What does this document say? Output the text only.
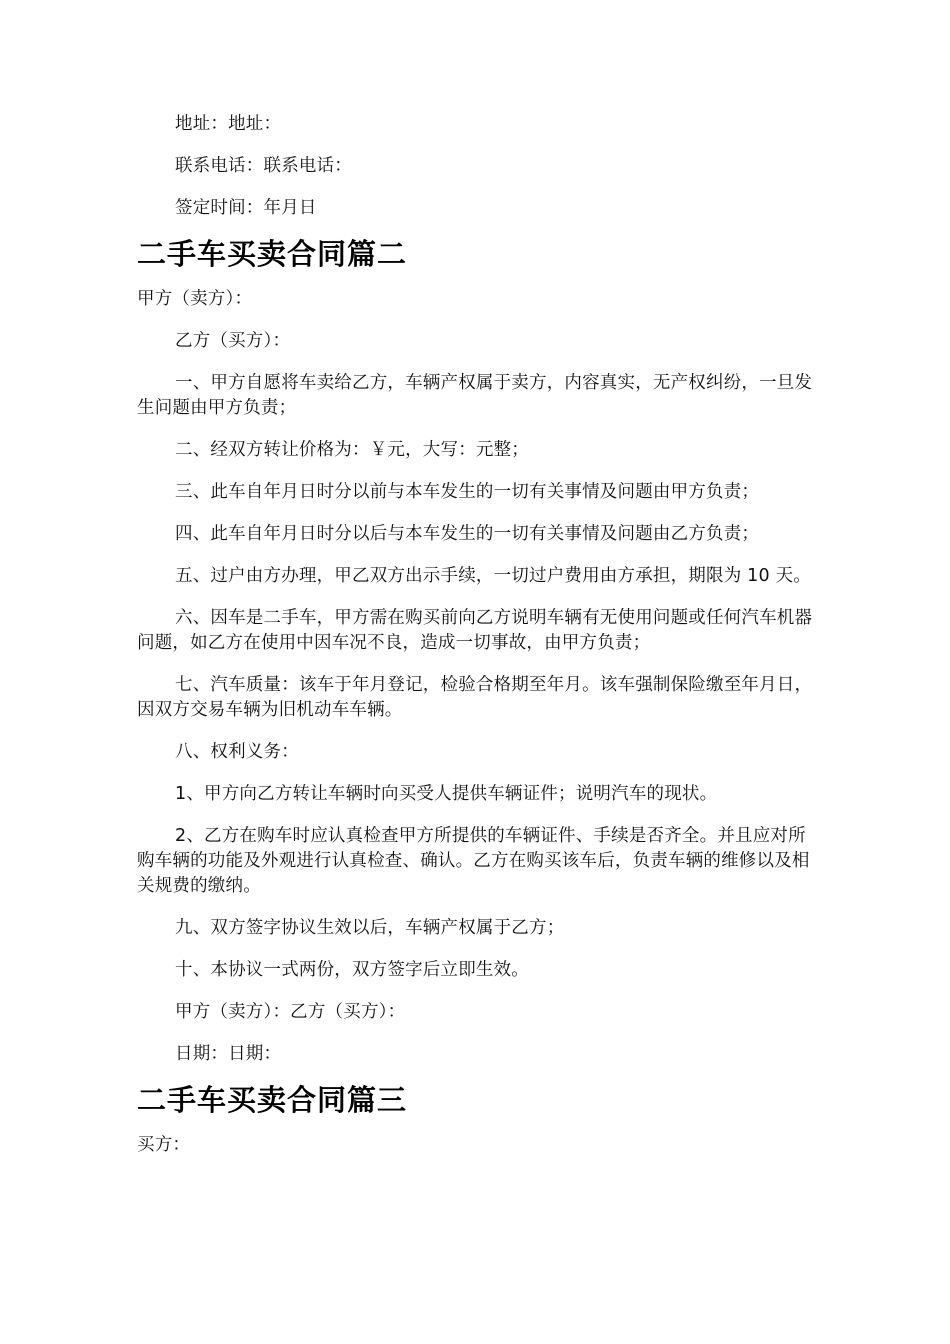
地址：地址：

联系电话：联系电话：

签定时间：年月日

二手车买卖合同篇二

甲方（卖方）：

乙方（买方）：

一、甲方自愿将车卖给乙方，车辆产权属于卖方，内容真实，无产权纠纷，一旦发生问题由甲方负责；

二、经双方转让价格为：￥元，大写：元整；

三、此车自年月日时分以前与本车发生的一切有关事情及问题由甲方负责；

四、此车自年月日时分以后与本车发生的一切有关事情及问题由乙方负责；

五、过户由方办理，甲乙双方出示手续，一切过户费用由方承担，期限为 10 天。

六、因车是二手车，甲方需在购买前向乙方说明车辆有无使用问题或任何汽车机器问题，如乙方在使用中因车况不良，造成一切事故，由甲方负责；

七、汽车质量：该车于年月登记，检验合格期至年月。该车强制保险缴至年月日，因双方交易车辆为旧机动车车辆。

八、权利义务：

1、甲方向乙方转让车辆时向买受人提供车辆证件；说明汽车的现状。

2、乙方在购车时应认真检查甲方所提供的车辆证件、手续是否齐全。并且应对所购车辆的功能及外观进行认真检查、确认。乙方在购买该车后，负责车辆的维修以及相关规费的缴纳。

九、双方签字协议生效以后，车辆产权属于乙方；

十、本协议一式两份，双方签字后立即生效。

甲方（卖方）：乙方（买方）：

日期：日期：

二手车买卖合同篇三

买方：
